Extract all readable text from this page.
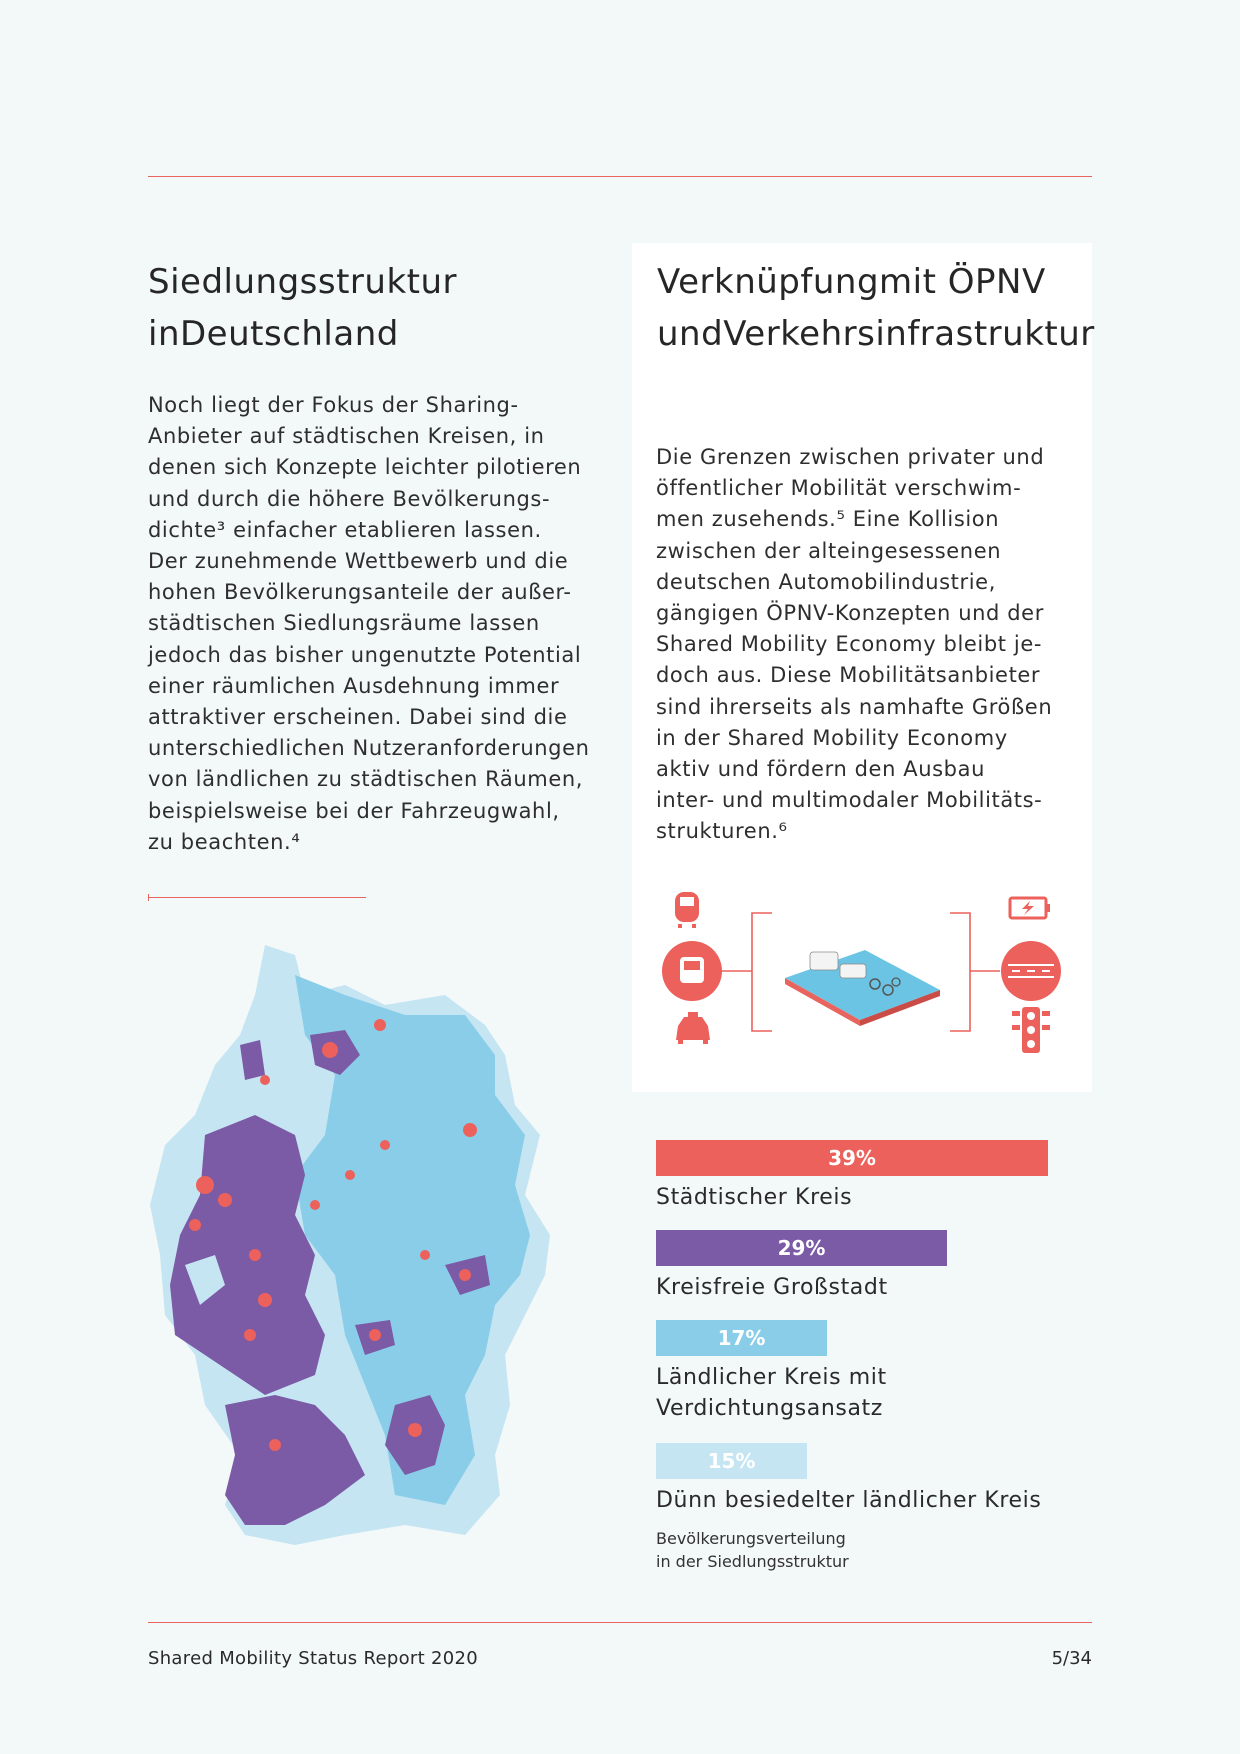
Siedlungsstruktur inDeutschland

Noch liegt der Fokus der Sharing-
Anbieter auf städtischen Kreisen, in
denen sich Konzepte leichter pilotieren
und durch die höhere Bevölkerungs-
dichte³ einfacher etablieren lassen.
Der zunehmende Wettbewerb und die
hohen Bevölkerungsanteile der außer-
städtischen Siedlungsräume lassen
jedoch das bisher ungenutzte Potential
einer räumlichen Ausdehnung immer
attraktiver erscheinen. Dabei sind die
unterschiedlichen Nutzeranforderungen
von ländlichen zu städtischen Räumen,
beispielsweise bei der Fahrzeugwahl,
zu beachten.⁴

Verknüpfungmit ÖPNV undVerkehrsinfrastruktur

Die Grenzen zwischen privater und
öffentlicher Mobilität verschwim-
men zusehends.⁵ Eine Kollision
zwischen der alteingesessenen
deutschen Automobilindustrie,
gängigen ÖPNV-Konzepten und der
Shared Mobility Economy bleibt je-
doch aus. Diese Mobilitätsanbieter
sind ihrerseits als namhafte Größen
in der Shared Mobility Economy
aktiv und fördern den Ausbau
inter- und multimodaler Mobilitäts-
strukturen.⁶

39%

Städtischer Kreis

29%

Kreisfreie Großstadt

17%

Ländlicher Kreis mit
Verdichtungsansatz

15%

Dünn besiedelter ländlicher Kreis

Bevölkerungsverteilung
in der Siedlungsstruktur

Shared Mobility Status Report 2020	5/34
